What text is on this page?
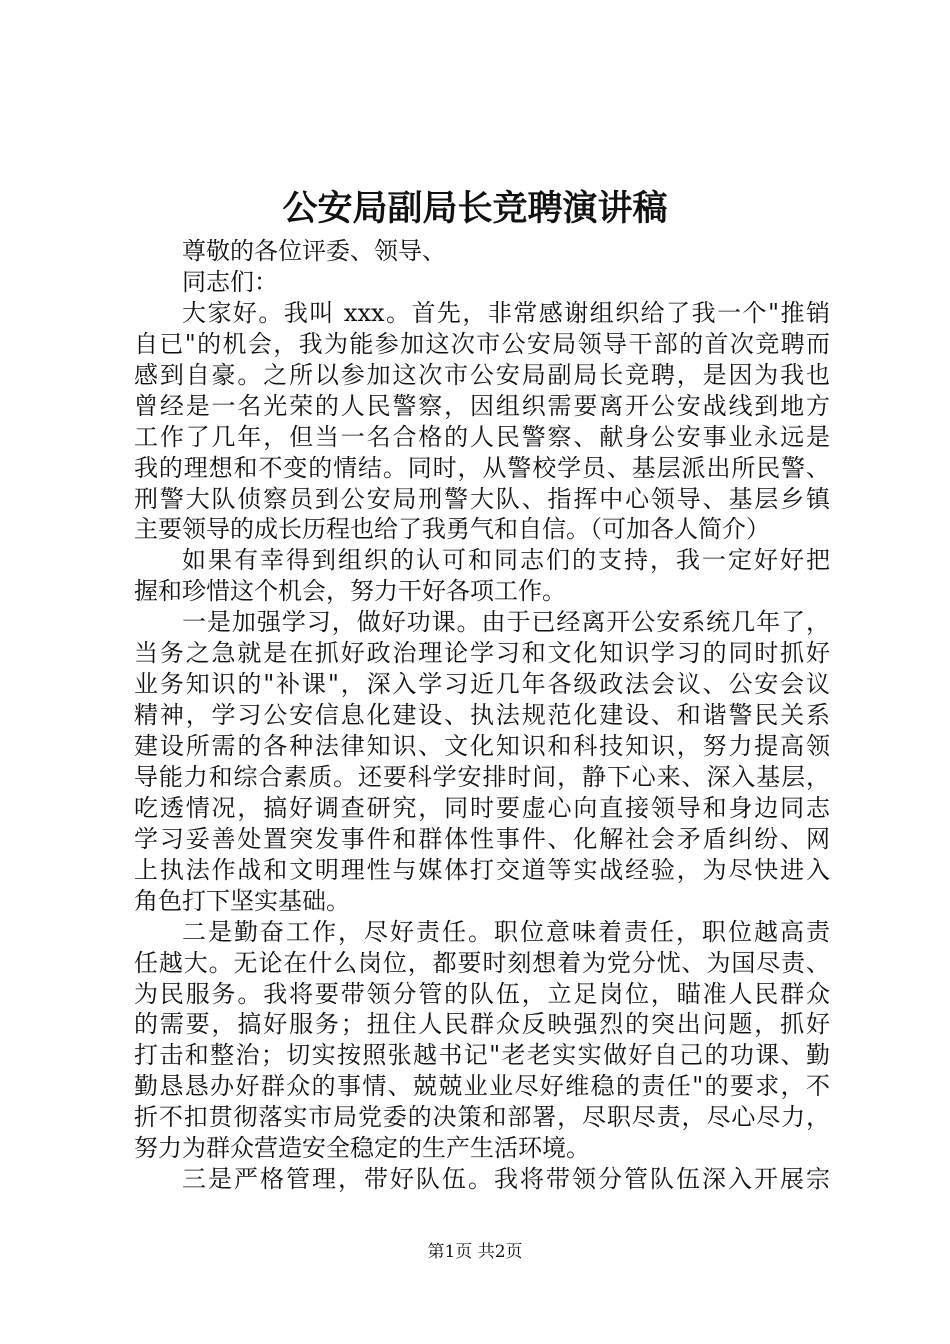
公安局副局长竞聘演讲稿
尊敬的各位评委、领导、
同志们：
大家好。我叫 xxx。首先，非常感谢组织给了我一个"推销
自已"的机会，我为能参加这次市公安局领导干部的首次竞聘而
感到自豪。之所以参加这次市公安局副局长竞聘，是因为我也
曾经是一名光荣的人民警察，因组织需要离开公安战线到地方
工作了几年，但当一名合格的人民警察、献身公安事业永远是
我的理想和不变的情结。同时，从警校学员、基层派出所民警、
刑警大队侦察员到公安局刑警大队、指挥中心领导、基层乡镇
主要领导的成长历程也给了我勇气和自信。（可加各人简介）
如果有幸得到组织的认可和同志们的支持，我一定好好把
握和珍惜这个机会，努力干好各项工作。
一是加强学习，做好功课。由于已经离开公安系统几年了，
当务之急就是在抓好政治理论学习和文化知识学习的同时抓好
业务知识的"补课"，深入学习近几年各级政法会议、公安会议
精神，学习公安信息化建设、执法规范化建设、和谐警民关系
建设所需的各种法律知识、文化知识和科技知识，努力提高领
导能力和综合素质。还要科学安排时间，静下心来、深入基层，
吃透情况，搞好调查研究，同时要虚心向直接领导和身边同志
学习妥善处置突发事件和群体性事件、化解社会矛盾纠纷、网
上执法作战和文明理性与媒体打交道等实战经验，为尽快进入
角色打下坚实基础。
二是勤奋工作，尽好责任。职位意味着责任，职位越高责
任越大。无论在什么岗位，都要时刻想着为党分忧、为国尽责、
为民服务。我将要带领分管的队伍，立足岗位，瞄准人民群众
的需要，搞好服务；扭住人民群众反映强烈的突出问题，抓好
打击和整治；切实按照张越书记"老老实实做好自己的功课、勤
勤恳恳办好群众的事情、兢兢业业尽好维稳的责任"的要求，不
折不扣贯彻落实市局党委的决策和部署，尽职尽责，尽心尽力，
努力为群众营造安全稳定的生产生活环境。
三是严格管理，带好队伍。我将带领分管队伍深入开展宗
第1页 共2页
